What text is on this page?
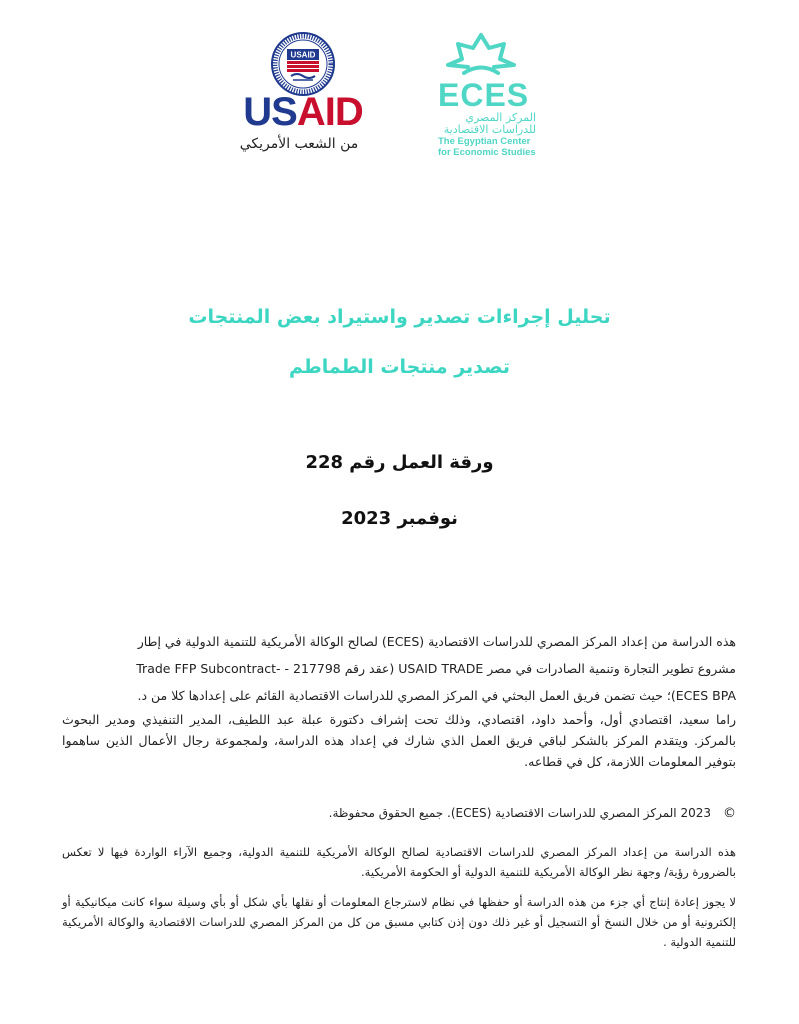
USAID
USAID
من الشعب الأمريكي
ECES
المركز المصري
للدراسات الاقتصادية
The Egyptian Center
for Economic Studies
تحليل إجراءات تصدير واستيراد بعض المنتجات
تصدير منتجات الطماطم
ورقة العمل رقم 228
نوفمبر 2023
هذه الدراسة من إعداد المركز المصري للدراسات الاقتصادية (ECES) لصالح الوكالة الأمريكية للتنمية الدولية في إطار
مشروع تطوير التجارة وتنمية الصادرات في مصر USAID TRADE (عقد رقم 217798 - -Trade FFP Subcontract
ECES BPA)؛ حيث تضمن فريق العمل البحثي في المركز المصري للدراسات الاقتصادية القائم على إعدادها كلا من د.
راما سعيد، اقتصادي أول، وأحمد داود، اقتصادي، وذلك تحت إشراف دكتورة عبلة عبد اللطيف، المدير التنفيذي ومدير البحوث بالمركز. ويتقدم المركز بالشكر لباقي فريق العمل الذي شارك في إعداد هذه الدراسة، ولمجموعة رجال الأعمال الذين ساهموا بتوفير المعلومات اللازمة، كل في قطاعه.
©2023 المركز المصري للدراسات الاقتصادية (ECES). جميع الحقوق محفوظة.
هذه الدراسة من إعداد المركز المصري للدراسات الاقتصادية لصالح الوكالة الأمريكية للتنمية الدولية، وجميع الآراء الواردة فيها لا تعكس بالضرورة رؤية/ وجهة نظر الوكالة الأمريكية للتنمية الدولية أو الحكومة الأمريكية.
لا يجوز إعادة إنتاج أي جزء من هذه الدراسة أو حفظها في نظام لاسترجاع المعلومات أو نقلها بأي شكل أو بأي وسيلة سواء كانت ميكانيكية أو إلكترونية أو من خلال النسخ أو التسجيل أو غير ذلك دون إذن كتابي مسبق من كل من المركز المصري للدراسات الاقتصادية والوكالة الأمريكية للتنمية الدولية .
